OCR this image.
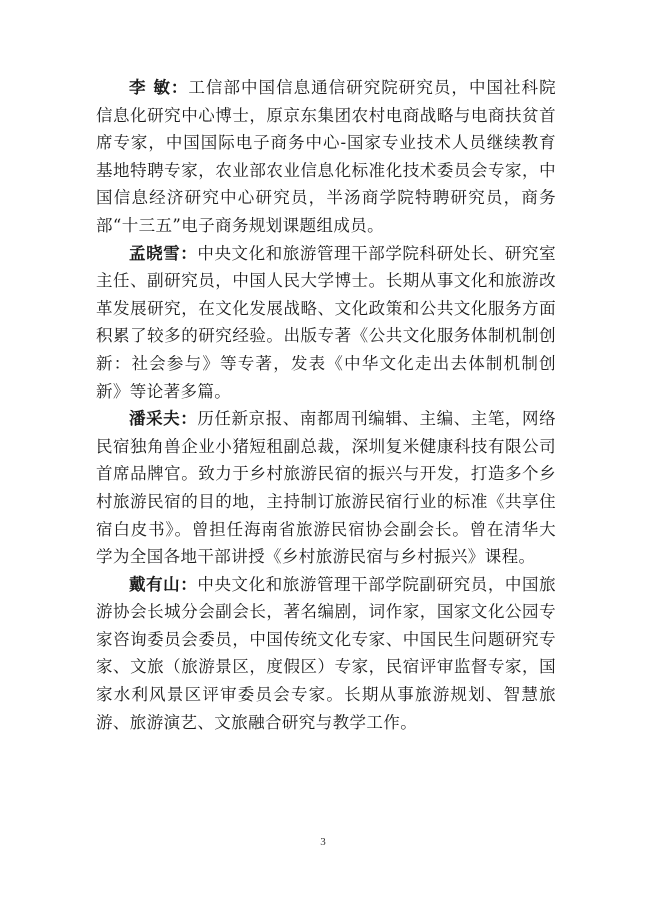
李 敏：工信部中国信息通信研究院研究员，中国社科院信息化研究中心博士，原京东集团农村电商战略与电商扶贫首席专家，中国国际电子商务中心-国家专业技术人员继续教育基地特聘专家，农业部农业信息化标准化技术委员会专家，中国信息经济研究中心研究员，半汤商学院特聘研究员，商务部“十三五”电子商务规划课题组成员。

孟晓雪：中央文化和旅游管理干部学院科研处长、研究室主任、副研究员，中国人民大学博士。长期从事文化和旅游改革发展研究，在文化发展战略、文化政策和公共文化服务方面积累了较多的研究经验。出版专著《公共文化服务体制机制创新：社会参与》等专著，发表《中华文化走出去体制机制创新》等论著多篇。

潘采夫：历任新京报、南都周刊编辑、主编、主笔，网络民宿独角兽企业小猪短租副总裁，深圳复米健康科技有限公司首席品牌官。致力于乡村旅游民宿的振兴与开发，打造多个乡村旅游民宿的目的地，主持制订旅游民宿行业的标准《共享住宿白皮书》。曾担任海南省旅游民宿协会副会长。曾在清华大学为全国各地干部讲授《乡村旅游民宿与乡村振兴》课程。

戴有山：中央文化和旅游管理干部学院副研究员，中国旅游协会长城分会副会长，著名编剧，词作家，国家文化公园专家咨询委员会委员，中国传统文化专家、中国民生问题研究专家、文旅（旅游景区，度假区）专家，民宿评审监督专家，国家水利风景区评审委员会专家。长期从事旅游规划、智慧旅游、旅游演艺、文旅融合研究与教学工作。

3
